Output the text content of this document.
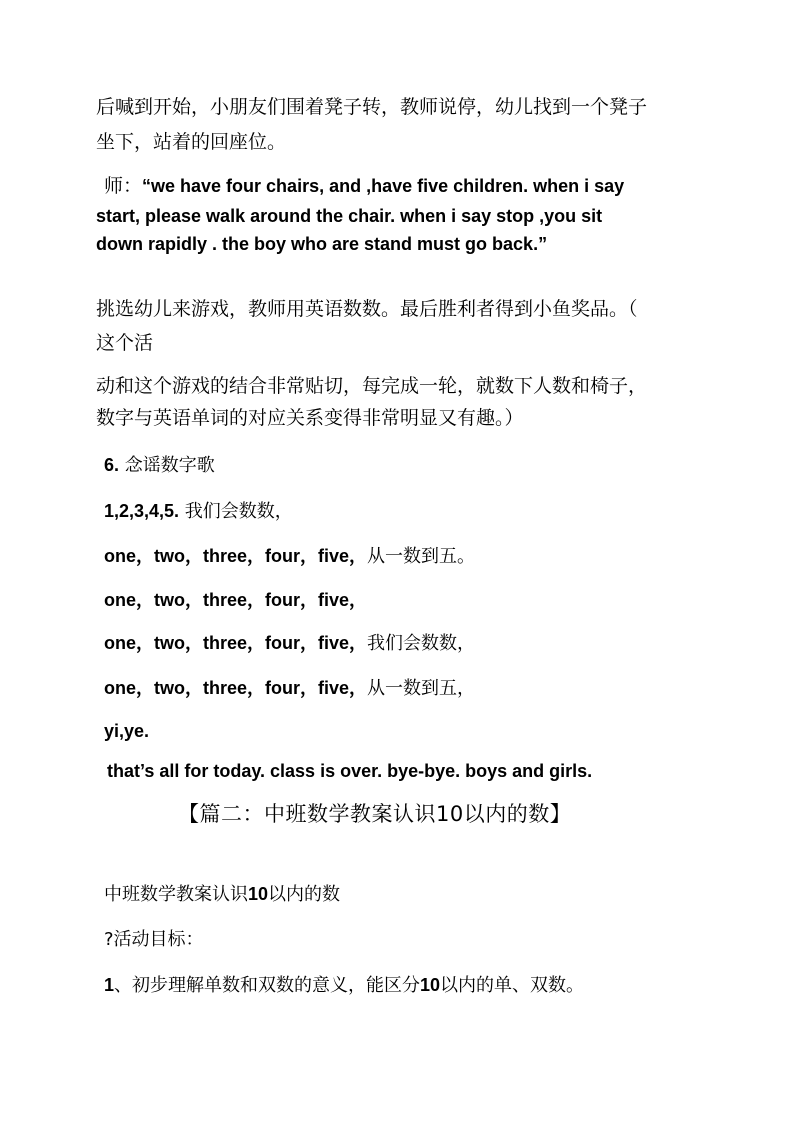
后喊到开始，小朋友们围着凳子转，教师说停，幼儿找到一个凳子
坐下，站着的回座位。
师：“we have four chairs, and ,have five children. when i say
start, please walk around the chair. when i say stop ,you sit
down rapidly . the boy who are stand must go back.”
挑选幼儿来游戏，教师用英语数数。最后胜利者得到小鱼奖品。（
这个活
动和这个游戏的结合非常贴切，每完成一轮，就数下人数和椅子，
数字与英语单词的对应关系变得非常明显又有趣。）
6. 念谣数字歌
1,2,3,4,5. 我们会数数，
one，two，three，four，five，从一数到五。
one，two，three，four，five，
one，two，three，four，five，我们会数数，
one，two，three，four，five，从一数到五，
yi,ye.
that’s all for today. class is over. bye-bye. boys and girls.
【篇二：中班数学教案认识10以内的数】
中班数学教案认识10以内的数
?活动目标：
1、初步理解单数和双数的意义，能区分10以内的单、双数。
